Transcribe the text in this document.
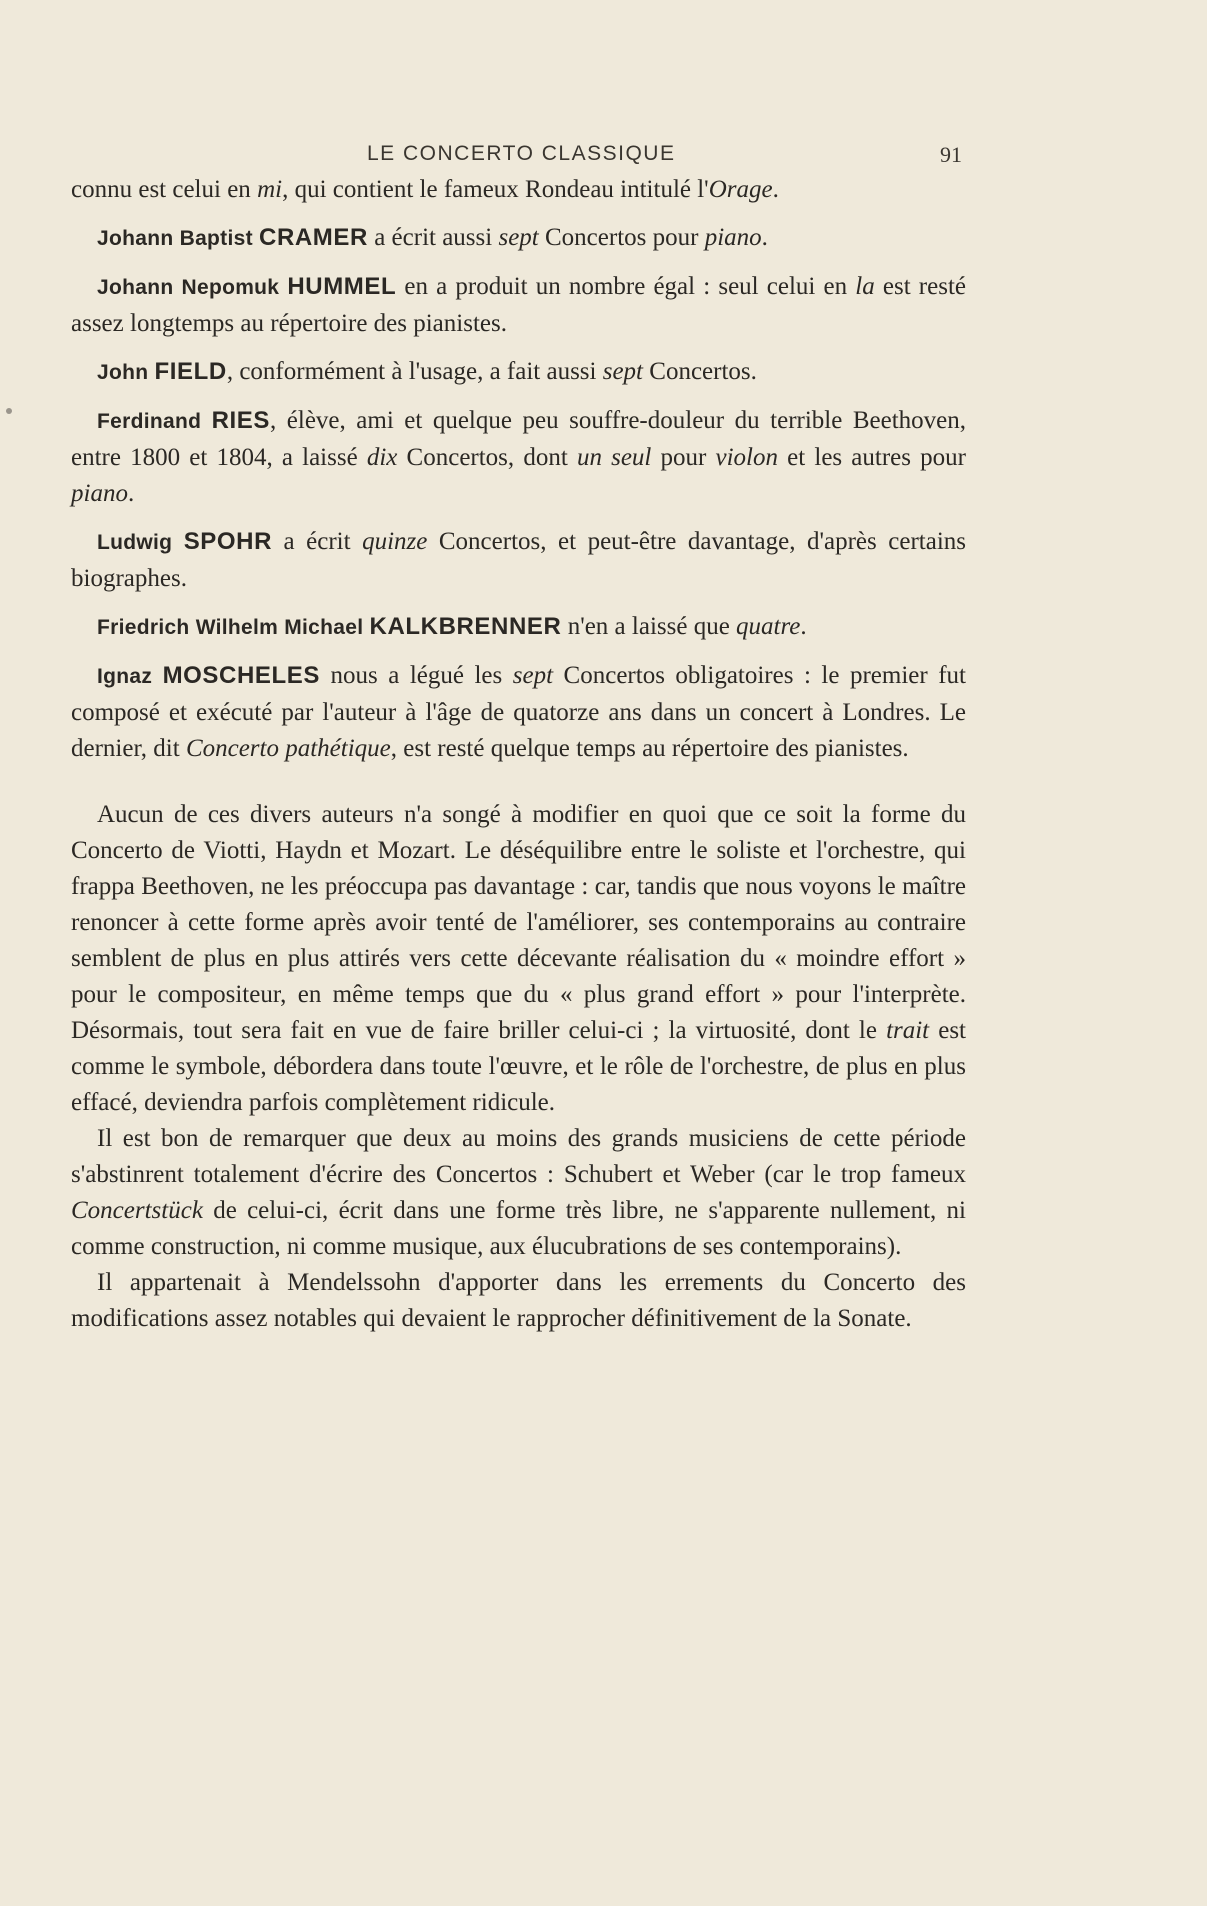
LE CONCERTO CLASSIQUE	91

connu est celui en mi, qui contient le fameux Rondeau intitulé l'Orage.

Johann Baptist CRAMER a écrit aussi sept Concertos pour piano.

Johann Nepomuk HUMMEL en a produit un nombre égal : seul celui en la est resté assez longtemps au répertoire des pianistes.

John FIELD, conformément à l'usage, a fait aussi sept Concertos.

Ferdinand RIES, élève, ami et quelque peu souffre-douleur du terrible Beethoven, entre 1800 et 1804, a laissé dix Concertos, dont un seul pour violon et les autres pour piano.

Ludwig SPOHR a écrit quinze Concertos, et peut-être davantage, d'après certains biographes.

Friedrich Wilhelm Michael KALKBRENNER n'en a laissé que quatre.

Ignaz MOSCHELES nous a légué les sept Concertos obligatoires : le premier fut composé et exécuté par l'auteur à l'âge de quatorze ans dans un concert à Londres. Le dernier, dit Concerto pathétique, est resté quelque temps au répertoire des pianistes.

Aucun de ces divers auteurs n'a songé à modifier en quoi que ce soit la forme du Concerto de Viotti, Haydn et Mozart. Le déséquilibre entre le soliste et l'orchestre, qui frappa Beethoven, ne les préoccupa pas davantage : car, tandis que nous voyons le maître renoncer à cette forme après avoir tenté de l'améliorer, ses contemporains au contraire semblent de plus en plus attirés vers cette décevante réalisation du « moindre effort » pour le compositeur, en même temps que du « plus grand effort » pour l'interprète. Désormais, tout sera fait en vue de faire briller celui-ci ; la virtuosité, dont le trait est comme le symbole, débordera dans toute l'œuvre, et le rôle de l'orchestre, de plus en plus effacé, deviendra parfois complètement ridicule.

Il est bon de remarquer que deux au moins des grands musiciens de cette période s'abstinrent totalement d'écrire des Concertos : Schubert et Weber (car le trop fameux Concertstück de celui-ci, écrit dans une forme très libre, ne s'apparente nullement, ni comme construction, ni comme musique, aux élucubrations de ses contemporains).

Il appartenait à Mendelssohn d'apporter dans les errements du Concerto des modifications assez notables qui devaient le rapprocher définitivement de la Sonate.
